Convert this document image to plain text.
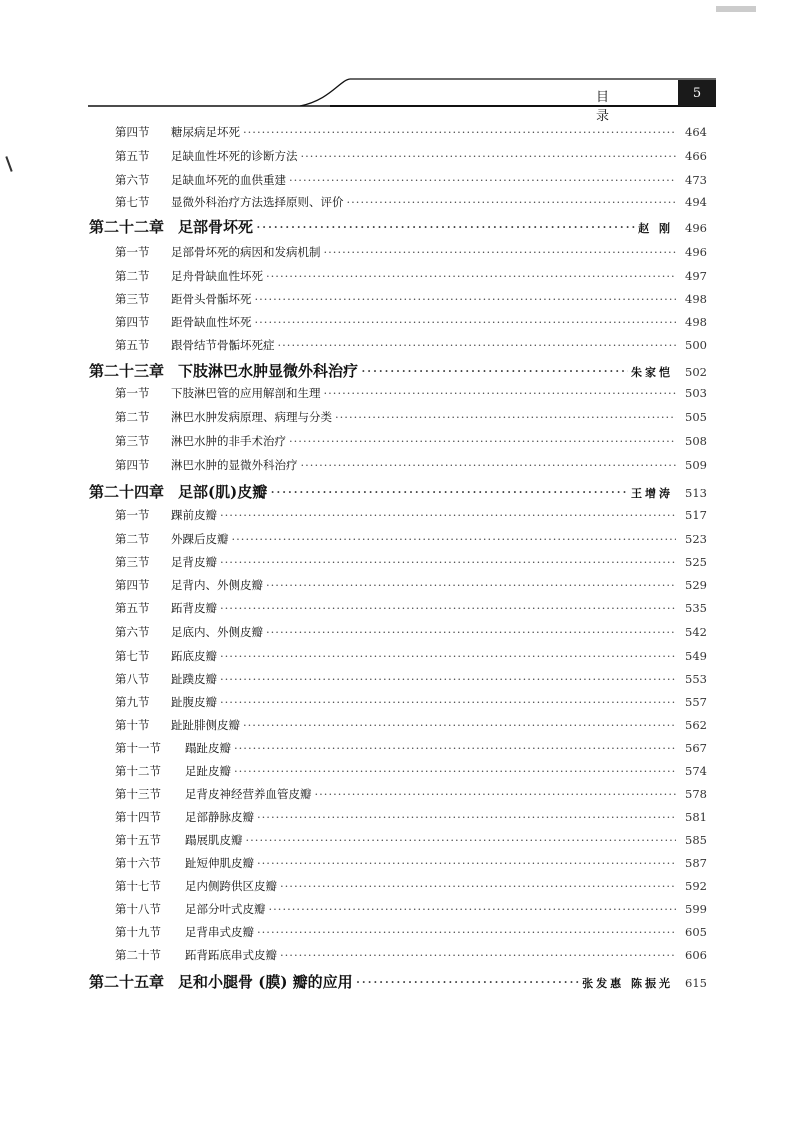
目 录
5
第四节	糖尿病足坏死 ·····	464
第五节	足缺血性坏死的诊断方法 ·····	466
第六节	足缺血坏死的血供重建 ·····	473
第七节	显微外科治疗方法选择原则、评价 ·····	494
第二十二章 足部骨坏死 ·····	赵 刚	496
第一节	足部骨坏死的病因和发病机制 ·····	496
第二节	足舟骨缺血性坏死 ·····	497
第三节	距骨头骨骺坏死 ·····	498
第四节	距骨缺血性坏死 ·····	498
第五节	跟骨结节骨骺坏死症 ·····	500
第二十三章 下肢淋巴水肿显微外科治疗 ·····	朱家恺	502
第一节	下肢淋巴管的应用解剖和生理 ·····	503
第二节	淋巴水肿发病原理、病理与分类 ·····	505
第三节	淋巴水肿的非手术治疗 ·····	508
第四节	淋巴水肿的显微外科治疗 ·····	509
第二十四章 足部(肌)皮瓣 ·····	王增涛	513
第一节	踝前皮瓣 ·····	517
第二节	外踝后皮瓣 ·····	523
第三节	足背皮瓣 ·····	525
第四节	足背内、外侧皮瓣 ·····	529
第五节	跖背皮瓣 ·····	535
第六节	足底内、外侧皮瓣 ·····	542
第七节	跖底皮瓣 ·····	549
第八节	趾蹼皮瓣 ·····	553
第九节	趾腹皮瓣 ·····	557
第十节	趾趾腓侧皮瓣 ·····	562
第十一节	蹋趾皮瓣 ·····	567
第十二节	足趾皮瓣 ·····	574
第十三节	足背皮神经营养血管皮瓣 ·····	578
第十四节	足部静脉皮瓣 ·····	581
第十五节	蹋展肌皮瓣 ·····	585
第十六节	趾短伸肌皮瓣 ·····	587
第十七节	足内侧跨供区皮瓣 ·····	592
第十八节	足部分叶式皮瓣 ·····	599
第十九节	足背串式皮瓣 ·····	605
第二十节	跖背跖底串式皮瓣 ·····	606
第二十五章 足和小腿骨 (膜) 瓣的应用 ·····	张发惠 陈振光	615
